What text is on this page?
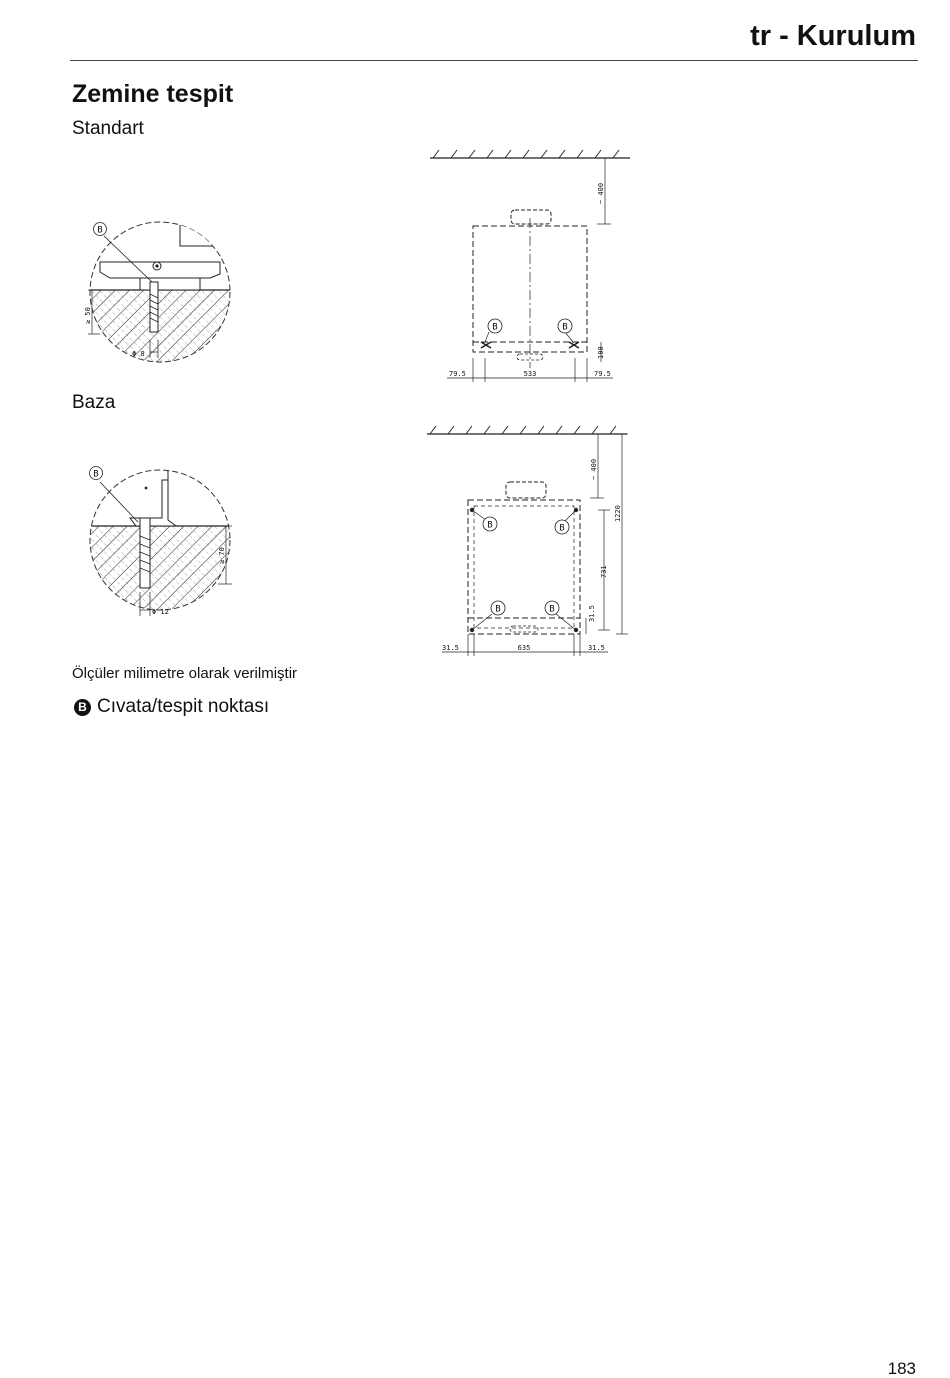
tr - Kurulum
Zemine tespit
Standart
Baza
B
≥ 50
Φ 8
~ 400
B	B
100
79.5	533	79.5
B
≥ 70
Φ 12
~ 400
1220
B	B
B	B
731
31.5
31.5	635	31.5
Ölçüler milimetre olarak verilmiştir
B Cıvata/tespit noktası
183
